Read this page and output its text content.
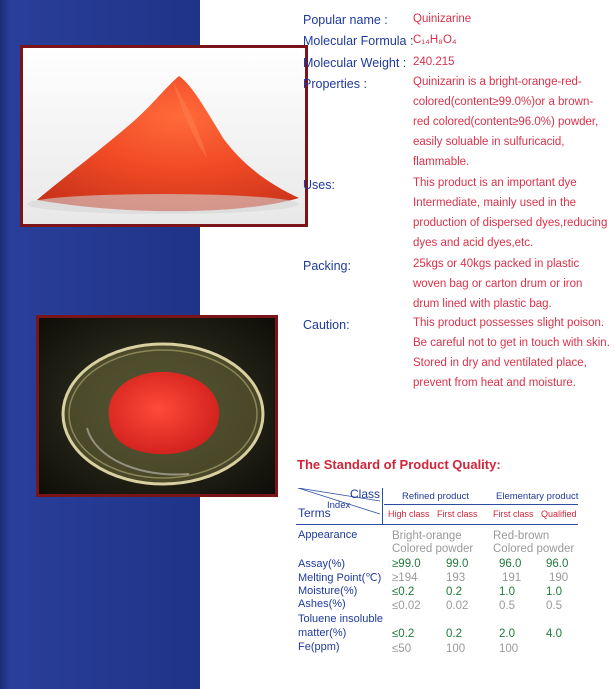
Popular name : Quinizarine
Molecular Formula : C₁₄H₈O₄
Molecular Weight : 240.215
Properties :	Quinizarin is a bright-orange-red-
colored(content≥99.0%)or a brown-
red colored(content≥96.0%) powder,
easily soluable in sulfuricacid,
flammable.
Uses:	This product is an important dye
Intermediate, mainly used in the
production of dispersed dyes,reducing
dyes and acid dyes,etc.
Packing:	25kgs or 40kgs packed in plastic
woven bag or carton drum or iron
drum lined with plastic bag.
Caution:	This product possesses slight poison.
Be careful not to get in touch with skin.
Stored in dry and ventilated place,
prevent from heat and moisture.
The Standard of Product Quality:
Class
Index
Terms
Refined product	Elementary product
High class First class First class Qualified
Appearance	Bright-orange
Colored powder
Red-brown
Colored powder
Assay(%)	≥99.0 99.0	96.0 96.0
Melting Point(℃) ≥194 193	191 190
Moisture(%)	≤0.2	0.2	1.0	1.0
Ashes(%)	≤0.02 0.02	0.5	0.5
Toluene insoluble
matter(%)	≤0.2	0.2	2.0	4.0
Fe(ppm)	≤50	100	100
